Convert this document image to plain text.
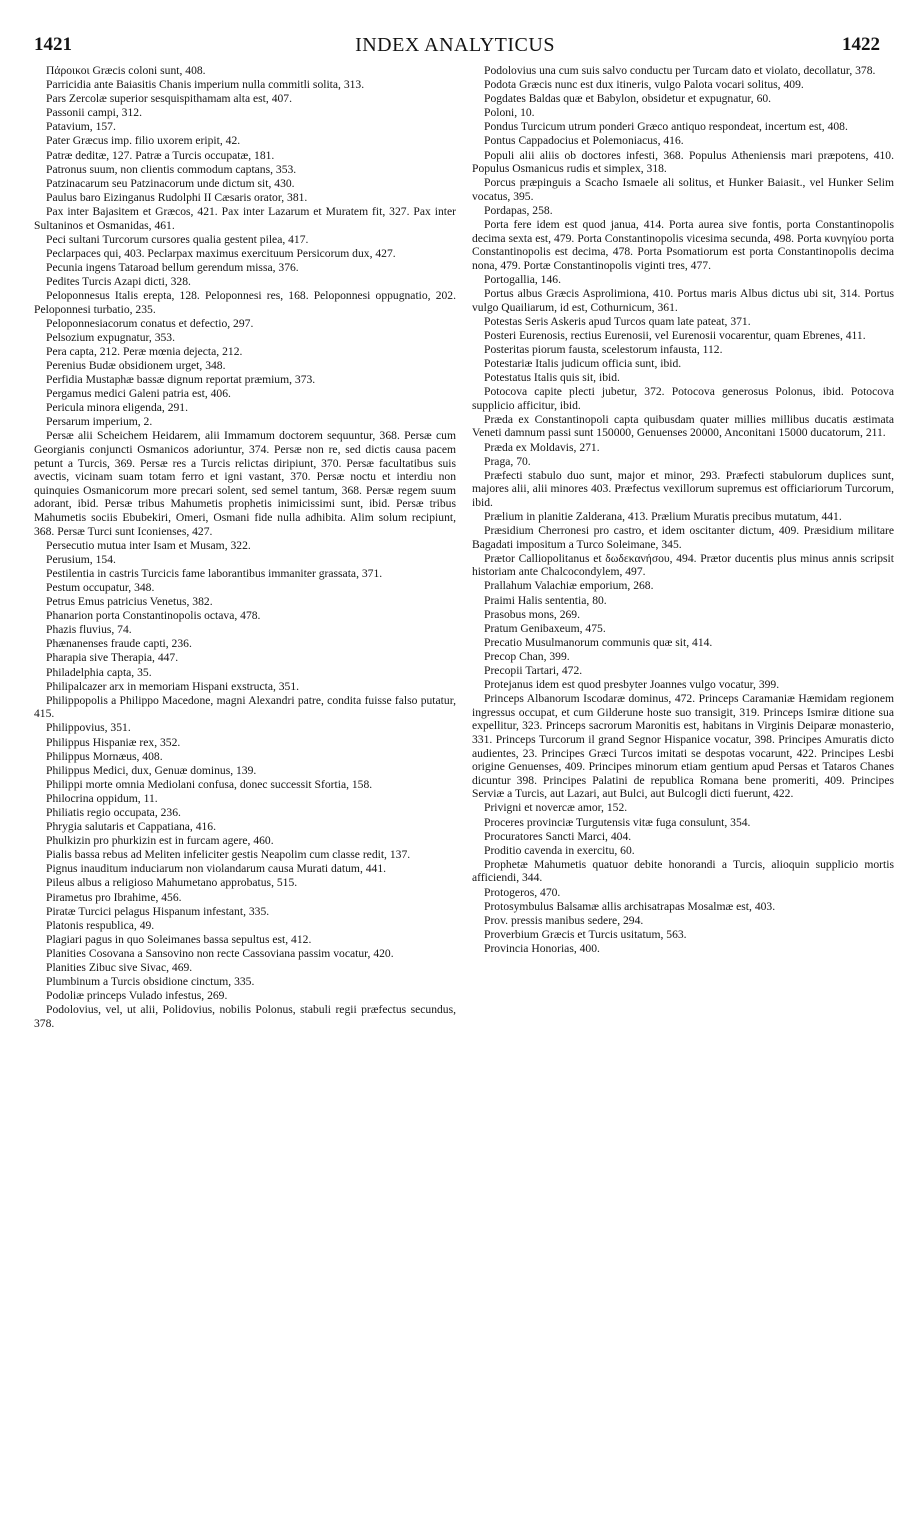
1421	INDEX ANALYTICUS	1422

Πάροικοι Græcis coloni sunt, 408.

Parricidia ante Baiasitis Chanis imperium nulla commitli solita, 313.

Pars Zercolæ superior sesquispithamam alta est, 407.

Passonii campi, 312.

Patavium, 157.

Pater Græcus imp. filio uxorem eripit, 42.

Patræ deditæ, 127. Patræ a Turcis occupatæ, 181.

Patronus suum, non clientis commodum captans, 353.

Patzinacarum seu Patzinacorum unde dictum sit, 430.

Paulus baro Eizinganus Rudolphi II Cæsaris orator, 381.

Pax inter Bajasitem et Græcos, 421. Pax inter Lazarum et Muratem fit, 327. Pax inter Sultaninos et Osmanidas, 461.

Peci sultani Turcorum cursores qualia gestent pilea, 417.

Peclarpaces qui, 403. Peclarpax maximus exercituum Persicorum dux, 427.

Pecunia ingens Tataroad bellum gerendum missa, 376.

Pedites Turcis Azapi dicti, 328.

Peloponnesus Italis erepta, 128. Peloponnesi res, 168. Peloponnesi oppugnatio, 202. Peloponnesi turbatio, 235.

Peloponnesiacorum conatus et defectio, 297.

Pelsozium expugnatur, 353.

Pera capta, 212. Peræ mœnia dejecta, 212.

Perenius Budæ obsidionem urget, 348.

Perfidia Mustaphæ bassæ dignum reportat præmium, 373.

Pergamus medici Galeni patria est, 406.

Pericula minora eligenda, 291.

Persarum imperium, 2.

Persæ alii Scheichem Heidarem, alii Immamum doctorem sequuntur, 368. Persæ cum Georgianis conjuncti Osmanicos adoriuntur, 374. Persæ non re, sed dictis causa pacem petunt a Turcis, 369. Persæ res a Turcis relictas diripiunt, 370. Persæ facultatibus suis avectis, vicinam suam totam ferro et igni vastant, 370. Persæ noctu et interdiu non quinquies Osmanicorum more precari solent, sed semel tantum, 368. Persæ regem suum adorant, ibid. Persæ tribus Mahumetis prophetis inimicissimi sunt, ibid. Persæ tribus Mahumetis sociis Ebubekiri, Omeri, Osmani fide nulla adhibita. Alim solum recipiunt, 368. Persæ Turci sunt Iconienses, 427.

Persecutio mutua inter Isam et Musam, 322.

Perusium, 154.

Pestilentia in castris Turcicis fame laborantibus immaniter grassata, 371.

Pestum occupatur, 348.

Petrus Emus patricius Venetus, 382.

Phanarion porta Constantinopolis octava, 478.

Phazis fluvius, 74.

Phænanenses fraude capti, 236.

Pharapia sive Therapia, 447.

Philadelphia capta, 35.

Philipalcazer arx in memoriam Hispani exstructa, 351.

Philippopolis a Philippo Macedone, magni Alexandri patre, condita fuisse falso putatur, 415.

Philippovius, 351.

Philippus Hispaniæ rex, 352.

Philippus Mornæus, 408.

Philippus Medici, dux, Genuæ dominus, 139.

Philippi morte omnia Mediolani confusa, donec successit Sfortia, 158.

Philocrina oppidum, 11.

Philiatis regio occupata, 236.

Phrygia salutaris et Cappatiana, 416.

Phulkizin pro phurkizin est in furcam agere, 460.

Pialis bassa rebus ad Meliten infeliciter gestis Neapolim cum classe redit, 137.

Pignus inauditum induciarum non violandarum causa Murati datum, 441.

Pileus albus a religioso Mahumetano approbatus, 515.

Pirametus pro Ibrahime, 456.

Piratæ Turcici pelagus Hispanum infestant, 335.

Platonis respublica, 49.

Plagiari pagus in quo Soleimanes bassa sepultus est, 412.

Planities Cosovana a Sansovino non recte Cassoviana passim vocatur, 420.

Planities Zibuc sive Sivac, 469.

Plumbinum a Turcis obsidione cinctum, 335.

Podoliæ princeps Vulado infestus, 269.

Podolovius, vel, ut alii, Polidovius, nobilis Polonus, stabuli regii præfectus secundus, 378.

Podolovius una cum suis salvo conductu per Turcam dato et violato, decollatur, 378.

Podota Græcis nunc est dux itineris, vulgo Palota vocari solitus, 409.

Pogdates Baldas quæ et Babylon, obsidetur et expugnatur, 60.

Poloni, 10.

Pondus Turcicum utrum ponderi Græco antiquo respondeat, incertum est, 408.

Pontus Cappadocius et Polemoniacus, 416.

Populi alii aliis ob doctores infesti, 368. Populus Atheniensis mari præpotens, 410. Populus Osmanicus rudis et simplex, 318.

Porcus præpinguis a Scacho Ismaele ali solitus, et Hunker Baiasit., vel Hunker Selim vocatus, 395.

Pordapas, 258.

Porta fere idem est quod janua, 414. Porta aurea sive fontis, porta Constantinopolis decima sexta est, 479. Porta Constantinopolis vicesima secunda, 498. Porta κυνηγίου porta Constantinopolis est decima, 478. Porta Psomatiorum est porta Constantinopolis decima nona, 479. Portæ Constantinopolis viginti tres, 477.

Portogallia, 146.

Portus albus Græcis Asprolimiona, 410. Portus maris Albus dictus ubi sit, 314. Portus vulgo Quailiarum, id est, Cothurnicum, 361.

Potestas Seris Askeris apud Turcos quam late pateat, 371.

Posteri Eurenosis, rectius Eurenosii, vel Eurenosii vocarentur, quam Ebrenes, 411.

Posteritas piorum fausta, scelestorum infausta, 112.

Potestariæ Italis judicum officia sunt, ibid.

Potestatus Italis quis sit, ibid.

Potocova capite plecti jubetur, 372. Potocova generosus Polonus, ibid. Potocova supplicio afficitur, ibid.

Præda ex Constantinopoli capta quibusdam quater millies millibus ducatis æstimata Veneti damnum passi sunt 150000, Genuenses 20000, Anconitani 15000 ducatorum, 211.

Præda ex Moldavis, 271.

Praga, 70.

Præfecti stabulo duo sunt, major et minor, 293. Præfecti stabulorum duplices sunt, majores alii, alii minores 403. Præfectus vexillorum supremus est officiariorum Turcorum, ibid.

Prælium in planitie Zalderana, 413. Prælium Muratis precibus mutatum, 441.

Præsidium Cherronesi pro castro, et idem oscitanter dictum, 409. Præsidium militare Bagadati impositum a Turco Soleimane, 345.

Prætor Calliopolitanus et δωδεκανήσου, 494. Prætor ducentis plus minus annis scripsit historiam ante Chalcocondylem, 497.

Prallahum Valachiæ emporium, 268.

Praimi Halis sententia, 80.

Prasobus mons, 269.

Pratum Genibaxeum, 475.

Precatio Musulmanorum communis quæ sit, 414.

Precop Chan, 399.

Precopii Tartari, 472.

Protejanus idem est quod presbyter Joannes vulgo vocatur, 399.

Princeps Albanorum Iscodaræ dominus, 472. Princeps Caramaniæ Hæmidam regionem ingressus occupat, et cum Gilderune hoste suo transigit, 319. Princeps Ismiræ ditione sua expellitur, 323. Princeps sacrorum Maronitis est, habitans in Virginis Deiparæ monasterio, 331. Princeps Turcorum il grand Segnor Hispanice vocatur, 398. Principes Amuratis dicto audientes, 23. Principes Græci Turcos imitati se despotas vocarunt, 422. Principes Lesbi origine Genuenses, 409. Principes minorum etiam gentium apud Persas et Tataros Chanes dicuntur 398. Principes Palatini de republica Romana bene promeriti, 409. Principes Serviæ a Turcis, aut Lazari, aut Bulci, aut Bulcogli dicti fuerunt, 422.

Privigni et novercæ amor, 152.

Proceres provinciæ Turgutensis vitæ fuga consulunt, 354.

Procuratores Sancti Marci, 404.

Proditio cavenda in exercitu, 60.

Prophetæ Mahumetis quatuor debite honorandi a Turcis, alioquin supplicio mortis afficiendi, 344.

Protogeros, 470.

Protosymbulus Balsamæ allis archisatrapas Mosalmæ est, 403.

Prov. pressis manibus sedere, 294.

Proverbium Græcis et Turcis usitatum, 563.

Provincia Honorias, 400.
